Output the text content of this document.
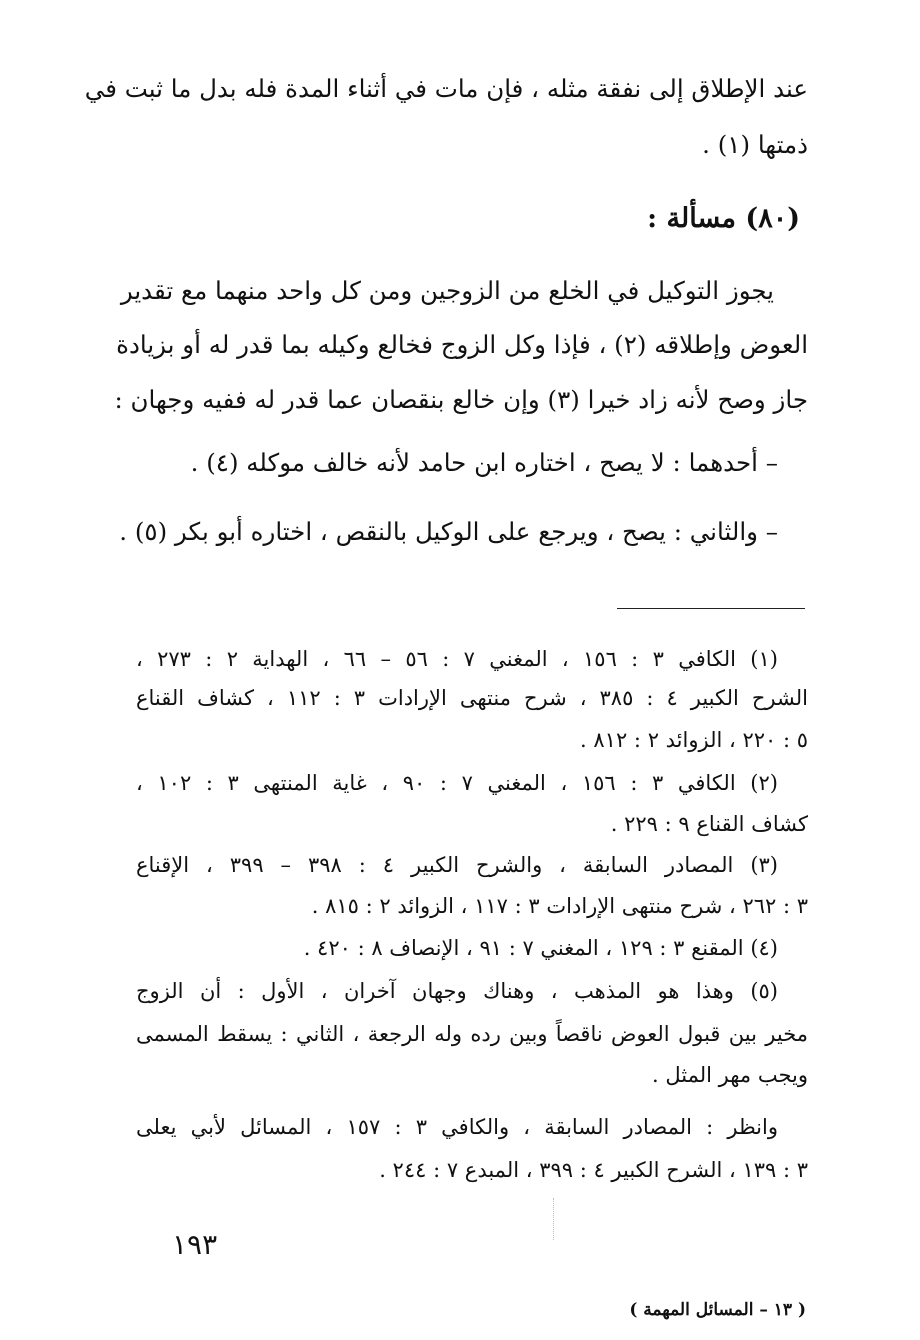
عند الإطلاق إلى نفقة مثله ، فإن مات في أثناء المدة فله بدل ما ثبت في
ذمتها (١) .
(٨٠) مسألة :
يجوز التوكيل في الخلع من الزوجين ومن كل واحد منهما مع تقدير
العوض وإطلاقه (٢) ، فإذا وكل الزوج فخالع وكيله بما قدر له أو بزيادة
جاز وصح لأنه زاد خيرا (٣) وإن خالع بنقصان عما قدر له ففيه وجهان :
– أحدهما : لا يصح ، اختاره ابن حامد لأنه خالف موكله (٤) .
– والثاني : يصح ، ويرجع على الوكيل بالنقص ، اختاره أبو بكر (٥) .
(١) الكافي ٣ : ١٥٦ ، المغني ٧ : ٥٦ – ٦٦ ، الهداية ٢ : ٢٧٣ ،
الشرح الكبير ٤ : ٣٨٥ ، شرح منتهى الإرادات ٣ : ١١٢ ، كشاف القناع
٥ : ٢٢٠ ، الزوائد ٢ : ٨١٢ .
(٢) الكافي ٣ : ١٥٦ ، المغني ٧ : ٩٠ ، غاية المنتهى ٣ : ١٠٢ ،
كشاف القناع ٩ : ٢٢٩ .
(٣) المصادر السابقة ، والشرح الكبير ٤ : ٣٩٨ – ٣٩٩ ، الإقناع
٣ : ٢٦٢ ، شرح منتهى الإرادات ٣ : ١١٧ ، الزوائد ٢ : ٨١٥ .
(٤) المقنع ٣ : ١٢٩ ، المغني ٧ : ٩١ ، الإنصاف ٨ : ٤٢٠ .
(٥) وهذا هو المذهب ، وهناك وجهان آخران ، الأول : أن الزوج
مخير بين قبول العوض ناقصاً وبين رده وله الرجعة ، الثاني : يسقط المسمى
ويجب مهر المثل .
وانظر : المصادر السابقة ، والكافي ٣ : ١٥٧ ، المسائل لأبي يعلى
٣ : ١٣٩ ، الشرح الكبير ٤ : ٣٩٩ ، المبدع ٧ : ٢٤٤ .
١٩٣
( ١٣ – المسائل المهمة )
